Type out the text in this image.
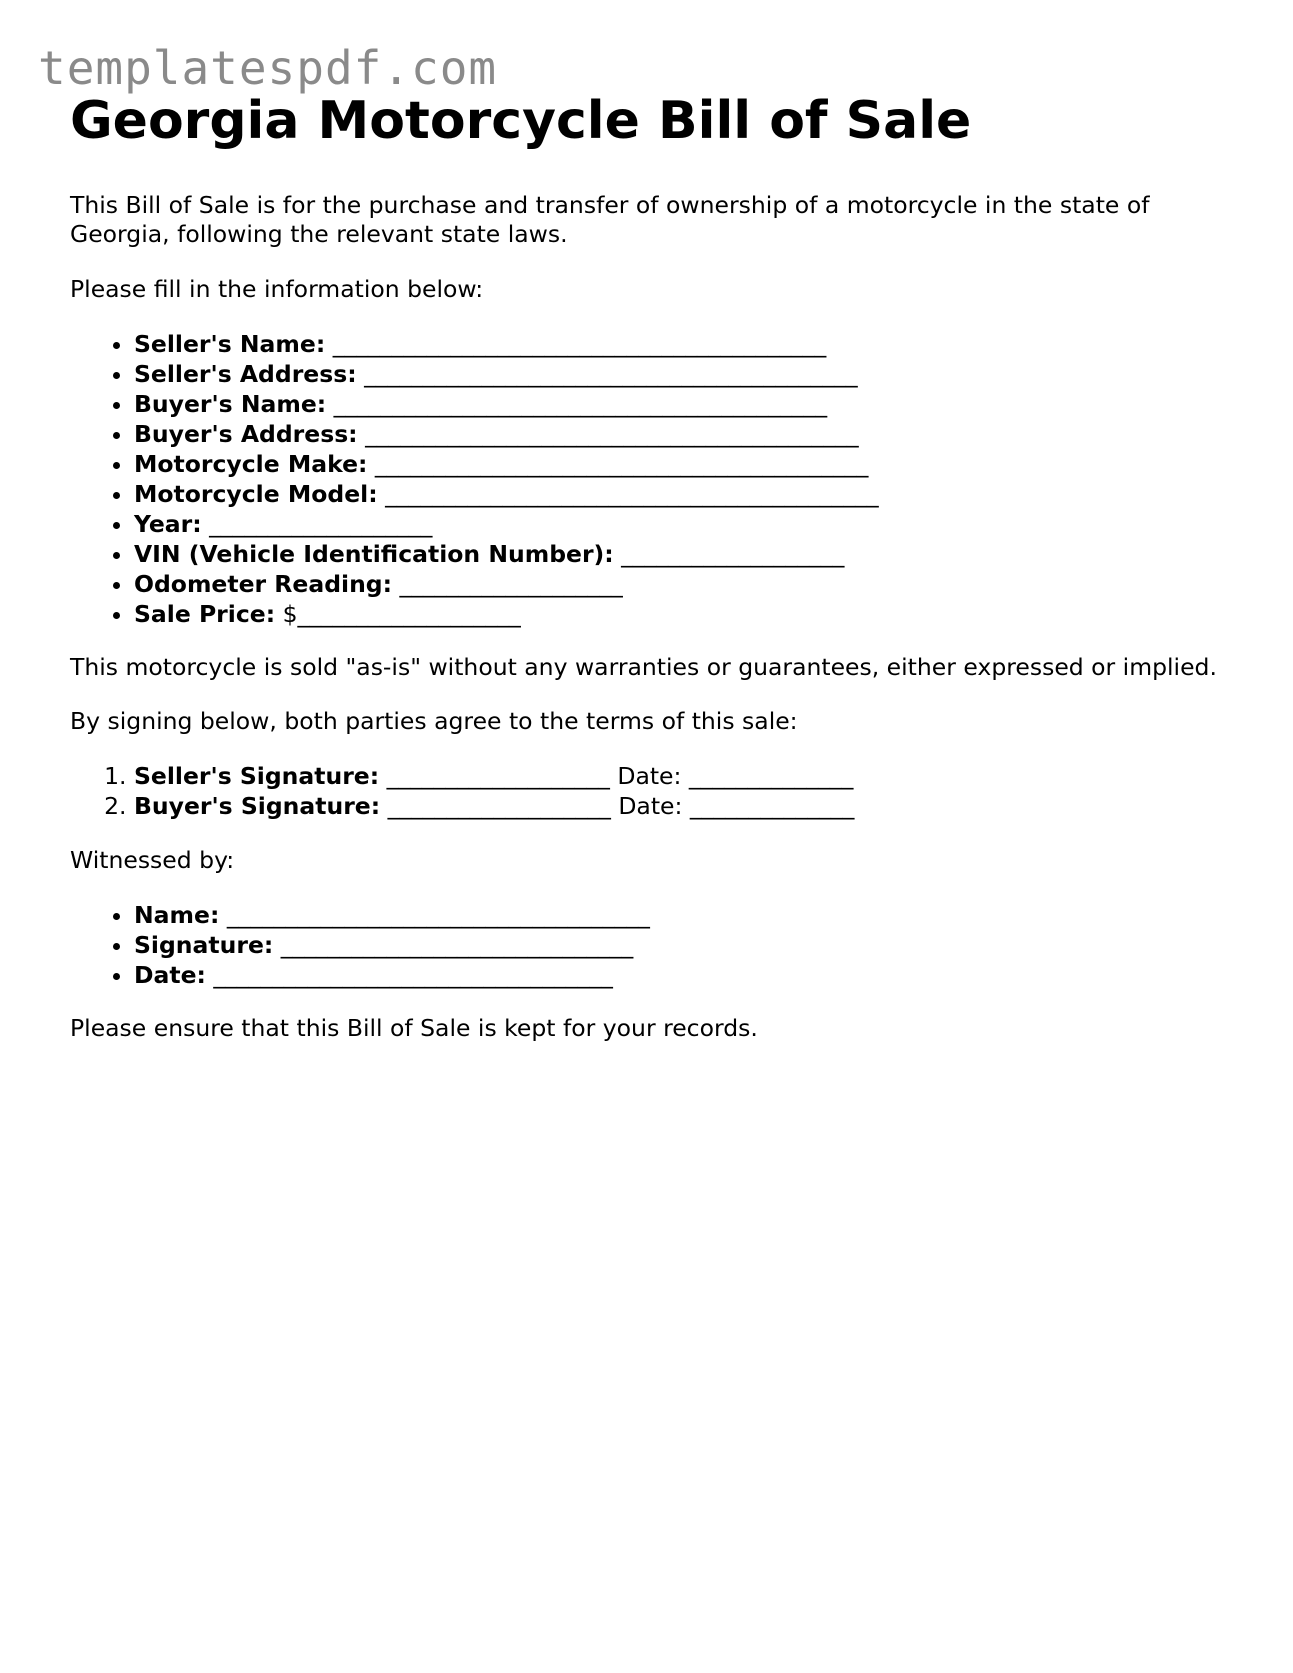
templatespdf.com
Georgia Motorcycle Bill of Sale

This Bill of Sale is for the purchase and transfer of ownership of a motorcycle in the state of Georgia, following the relevant state laws.

Please fill in the information below:

• Seller's Name: __________________________________________
• Seller's Address: __________________________________________
• Buyer's Name: __________________________________________
• Buyer's Address: __________________________________________
• Motorcycle Make: __________________________________________
• Motorcycle Model: __________________________________________
• Year: ___________________
• VIN (Vehicle Identification Number): ___________________
• Odometer Reading: ___________________
• Sale Price: $___________________

This motorcycle is sold "as-is" without any warranties or guarantees, either expressed or implied.

By signing below, both parties agree to the terms of this sale:

1. Seller's Signature: ___________________ Date: ______________
2. Buyer's Signature: ___________________ Date: ______________

Witnessed by:

• Name: ____________________________________
• Signature: ______________________________
• Date: __________________________________

Please ensure that this Bill of Sale is kept for your records.
